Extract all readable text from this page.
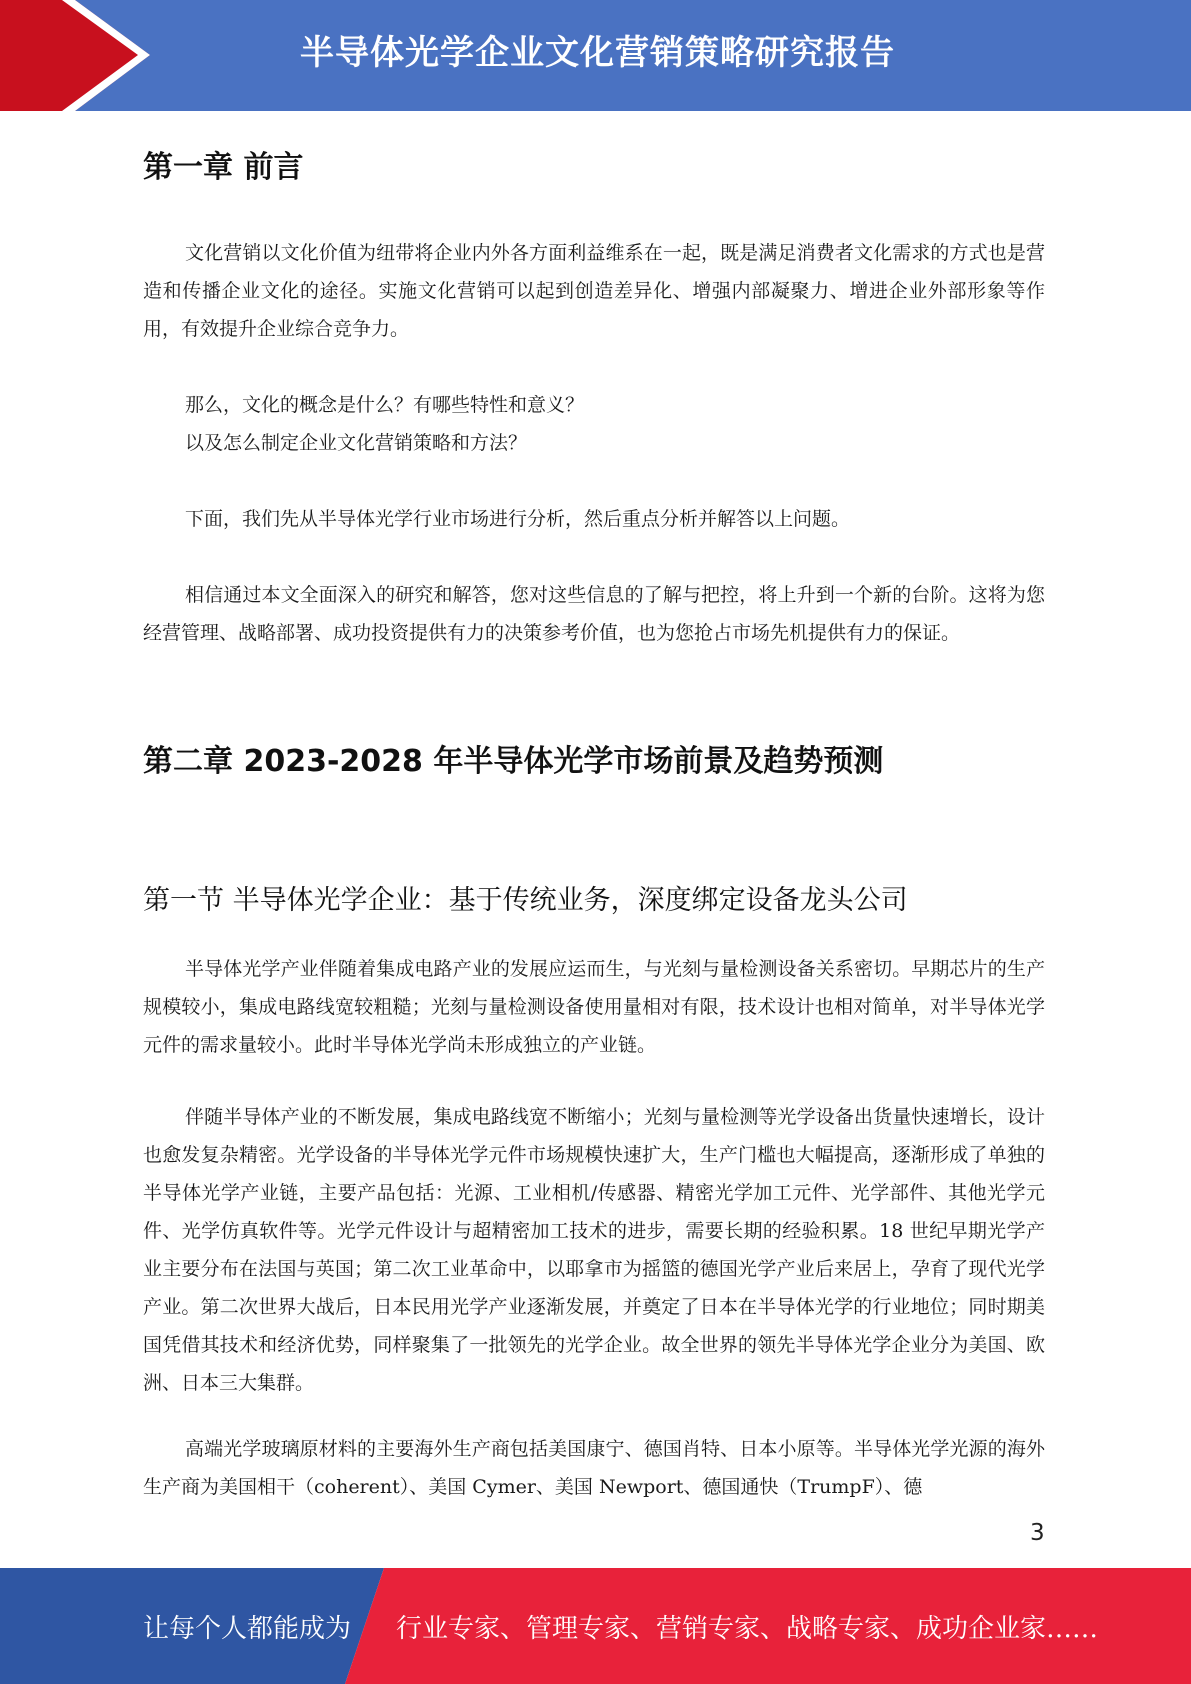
半导体光学企业文化营销策略研究报告
第一章 前言

文化营销以文化价值为纽带将企业内外各方面利益维系在一起，既是满足消费者文化需求的方式也是营造和传播企业文化的途径。实施文化营销可以起到创造差异化、增强内部凝聚力、增进企业外部形象等作用，有效提升企业综合竞争力。

那么，文化的概念是什么？有哪些特性和意义？

以及怎么制定企业文化营销策略和方法？

下面，我们先从半导体光学行业市场进行分析，然后重点分析并解答以上问题。

相信通过本文全面深入的研究和解答，您对这些信息的了解与把控，将上升到一个新的台阶。这将为您经营管理、战略部署、成功投资提供有力的决策参考价值，也为您抢占市场先机提供有力的保证。

第二章 2023-2028 年半导体光学市场前景及趋势预测
第一节 半导体光学企业：基于传统业务，深度绑定设备龙头公司

半导体光学产业伴随着集成电路产业的发展应运而生，与光刻与量检测设备关系密切。早期芯片的生产规模较小，集成电路线宽较粗糙；光刻与量检测设备使用量相对有限，技术设计也相对简单，对半导体光学元件的需求量较小。此时半导体光学尚未形成独立的产业链。

伴随半导体产业的不断发展，集成电路线宽不断缩小；光刻与量检测等光学设备出货量快速增长，设计也愈发复杂精密。光学设备的半导体光学元件市场规模快速扩大，生产门槛也大幅提高，逐渐形成了单独的半导体光学产业链，主要产品包括：光源、工业相机/传感器、精密光学加工元件、光学部件、其他光学元件、光学仿真软件等。光学元件设计与超精密加工技术的进步，需要长期的经验积累。18 世纪早期光学产业主要分布在法国与英国；第二次工业革命中，以耶拿市为摇篮的德国光学产业后来居上，孕育了现代光学产业。第二次世界大战后，日本民用光学产业逐渐发展，并奠定了日本在半导体光学的行业地位；同时期美国凭借其技术和经济优势，同样聚集了一批领先的光学企业。故全世界的领先半导体光学企业分为美国、欧洲、日本三大集群。

高端光学玻璃原材料的主要海外生产商包括美国康宁、德国肖特、日本小原等。半导体光学光源的海外生产商为美国相干（coherent）、美国 Cymer、美国 Newport、德国通快（TrumpF）、德

3
让每个人都能成为 行业专家、管理专家、营销专家、战略专家、成功企业家……
